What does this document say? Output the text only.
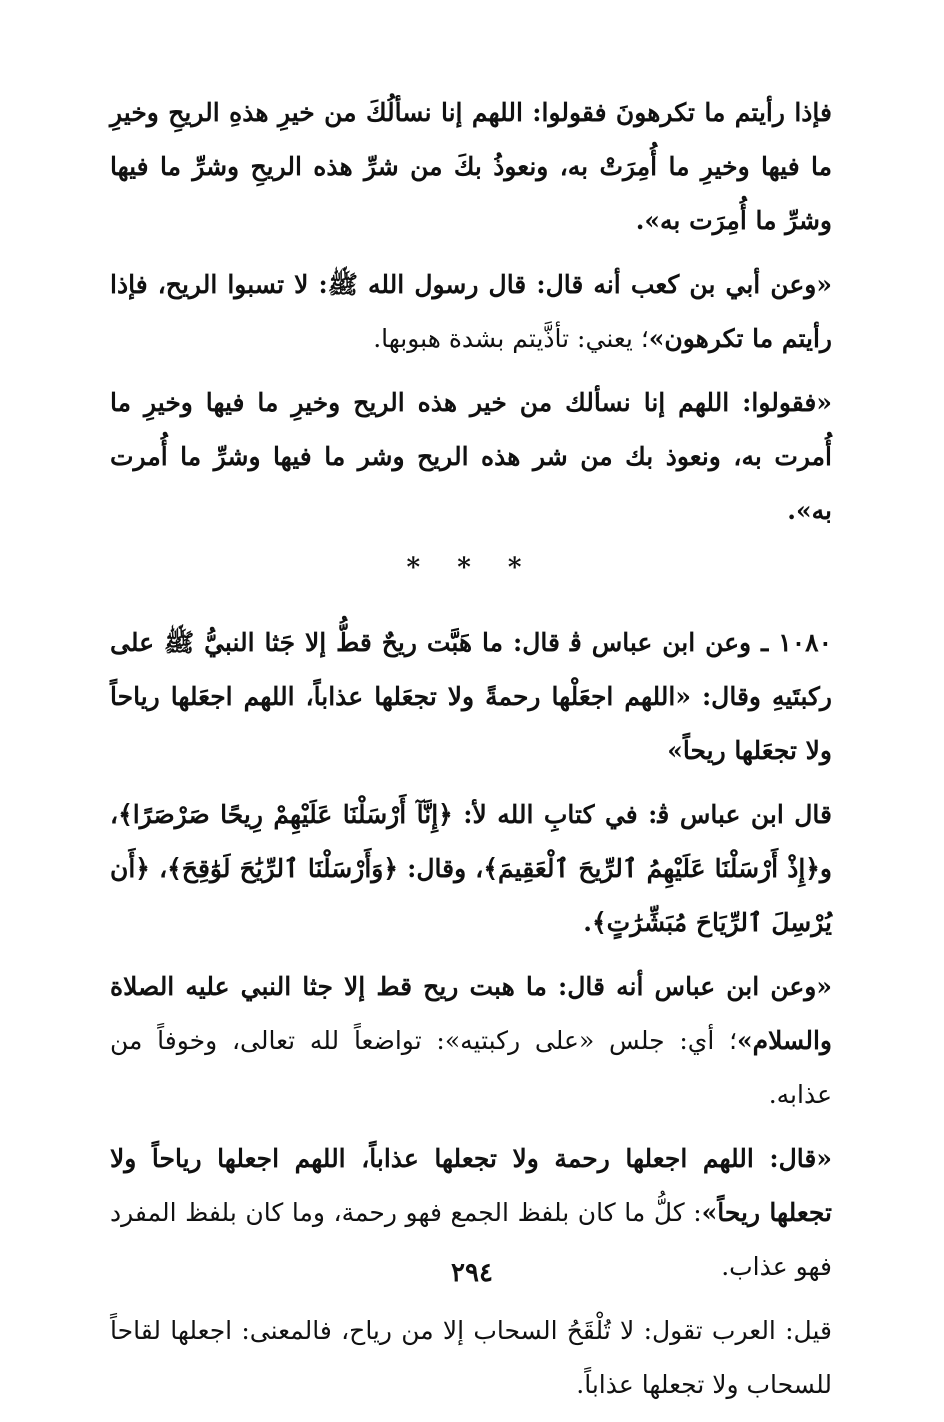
فإذا رأيتم ما تكرهونَ فقولوا: اللهم إنا نسألُكَ من خيرِ هذهِ الريحِ وخيرِ ما فيها وخيرِ ما أُمِرَتْ به، ونعوذُ بكَ من شرِّ هذه الريحِ وشرِّ ما فيها وشرِّ ما أُمِرَت به».

«وعن أبي بن كعب أنه قال: قال رسول الله ﷺ: لا تسبوا الريح، فإذا رأيتم ما تكرهون»؛ يعني: تأذَّيتم بشدة هبوبها.

«فقولوا: اللهم إنا نسألك من خير هذه الريح وخيرِ ما فيها وخيرِ ما أُمرت به، ونعوذ بك من شر هذه الريح وشر ما فيها وشرِّ ما أُمرت به».

* * *

١٠٨٠ ـ وعن ابن عباس ﭬ قال: ما هَبَّت ريحٌ قطُّ إلا جَثا النبيُّ ﷺ على ركبتَيهِ وقال: «اللهم اجعَلْها رحمةً ولا تجعَلها عذاباً، اللهم اجعَلها رياحاً ولا تجعَلها ريحاً»

قال ابن عباس ﭬ: في كتابِ الله ﻷ: ﴿إِنَّآ أَرْسَلْنَا عَلَيْهِمْ رِيحًا صَرْصَرًا﴾، و﴿إِذْ أَرْسَلْنَا عَلَيْهِمُ ٱلرِّيحَ ٱلْعَقِيمَ﴾، وقال: ﴿وَأَرْسَلْنَا ٱلرِّيَٰحَ لَوَٰقِحَ﴾، ﴿أَن يُرْسِلَ ٱلرِّيَاحَ مُبَشِّرَٰتٍ﴾.

«وعن ابن عباس أنه قال: ما هبت ريح قط إلا جثا النبي عليه الصلاة والسلام»؛ أي: جلس «على ركبتيه»: تواضعاً لله تعالى، وخوفاً من عذابه.

«قال: اللهم اجعلها رحمة ولا تجعلها عذاباً، اللهم اجعلها رياحاً ولا تجعلها ريحاً»: كلُّ ما كان بلفظ الجمع فهو رحمة، وما كان بلفظ المفرد فهو عذاب.

قيل: العرب تقول: لا تُلْقَحُ السحاب إلا من رياح، فالمعنى: اجعلها لقاحاً للسحاب ولا تجعلها عذاباً.

٢٩٤
